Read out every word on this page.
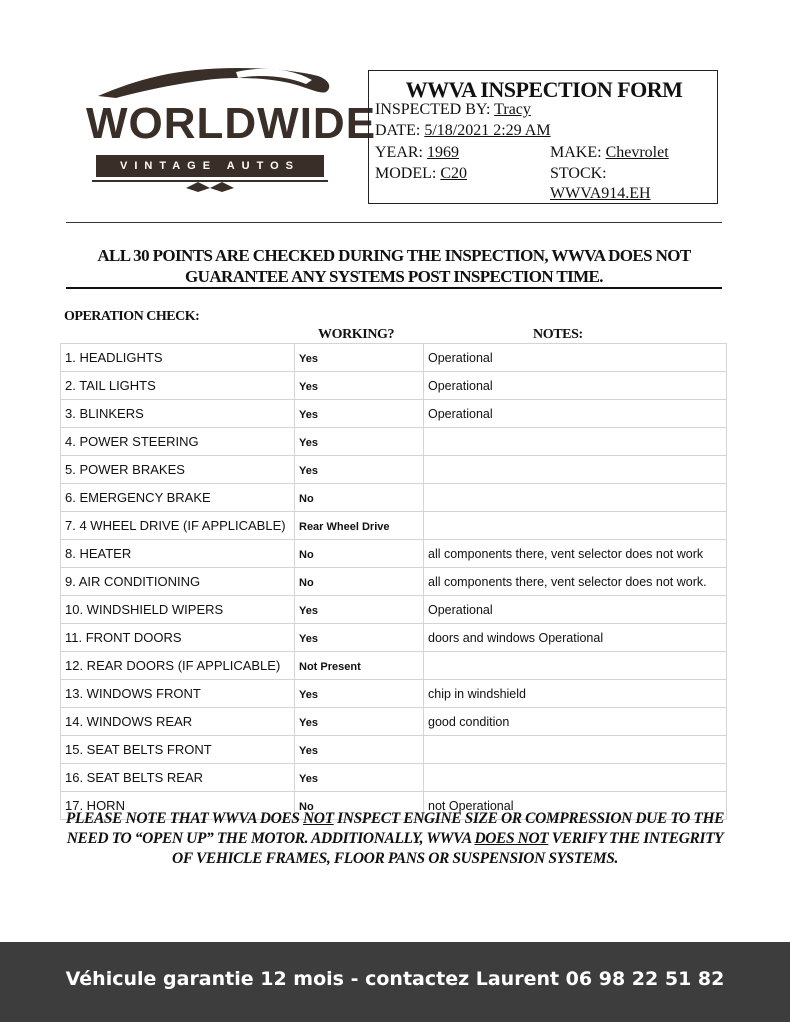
WORLDWIDE
VINTAGE AUTOS
WWVA INSPECTION FORM
INSPECTED BY: Tracy
DATE: 5/18/2021 2:29 AM
YEAR: 1969	MAKE: Chevrolet
MODEL: C20	STOCK:
WWVA914.EH
ALL 30 POINTS ARE CHECKED DURING THE INSPECTION, WWVA DOES NOT
GUARANTEE ANY SYSTEMS POST INSPECTION TIME.
OPERATION CHECK:
WORKING?	NOTES:
1. HEADLIGHTS	Yes	Operational
2. TAIL LIGHTS	Yes	Operational
3. BLINKERS	Yes	Operational
4. POWER STEERING	Yes	
5. POWER BRAKES	Yes	
6. EMERGENCY BRAKE	No	
7. 4 WHEEL DRIVE (IF APPLICABLE)	Rear Wheel Drive	
8. HEATER	No	all components there, vent selector does not work
9. AIR CONDITIONING	No	all components there, vent selector does not work.
10. WINDSHIELD WIPERS	Yes	Operational
11. FRONT DOORS	Yes	doors and windows Operational
12. REAR DOORS (IF APPLICABLE)	Not Present	
13. WINDOWS FRONT	Yes	chip in windshield
14. WINDOWS REAR	Yes	good condition
15. SEAT BELTS FRONT	Yes	
16. SEAT BELTS REAR	Yes	
17. HORN	No	not Operational
PLEASE NOTE THAT WWVA DOES NOT INSPECT ENGINE SIZE OR COMPRESSION DUE TO THE NEED TO “OPEN UP” THE MOTOR. ADDITIONALLY, WWVA DOES NOT VERIFY THE INTEGRITY OF VEHICLE FRAMES, FLOOR PANS OR SUSPENSION SYSTEMS.
Véhicule garantie 12 mois - contactez Laurent 06 98 22 51 82
